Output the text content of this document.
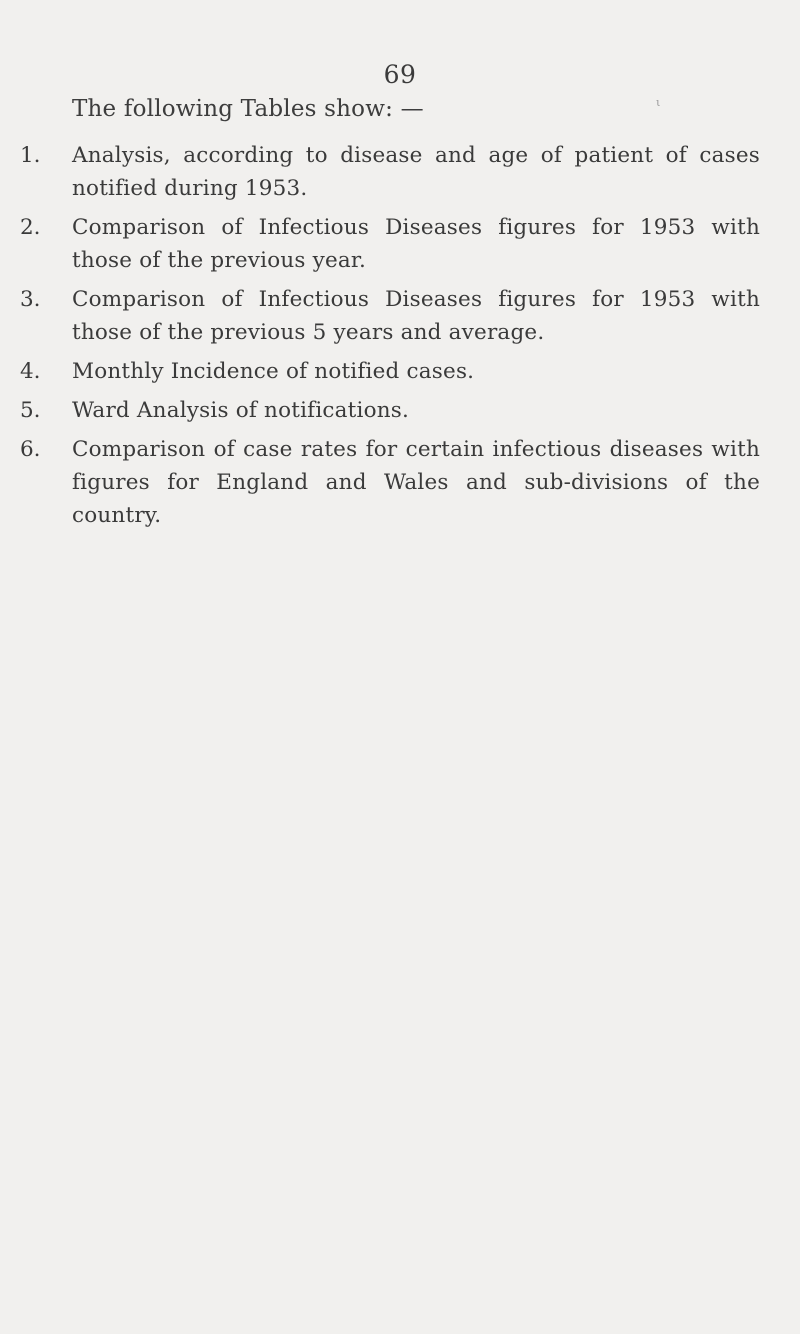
69
ι
The following Tables show: —
1.	Analysis, according to disease and age of patient of cases notified during 1953.
2.	Comparison of Infectious Diseases figures for 1953 with those of the previous year.
3.	Comparison of Infectious Diseases figures for 1953 with those of the previous 5 years and average.
4.	Monthly Incidence of notified cases.
5.	Ward Analysis of notifications.
6.	Comparison of case rates for certain infectious diseases with figures for England and Wales and sub-divisions of the country.
